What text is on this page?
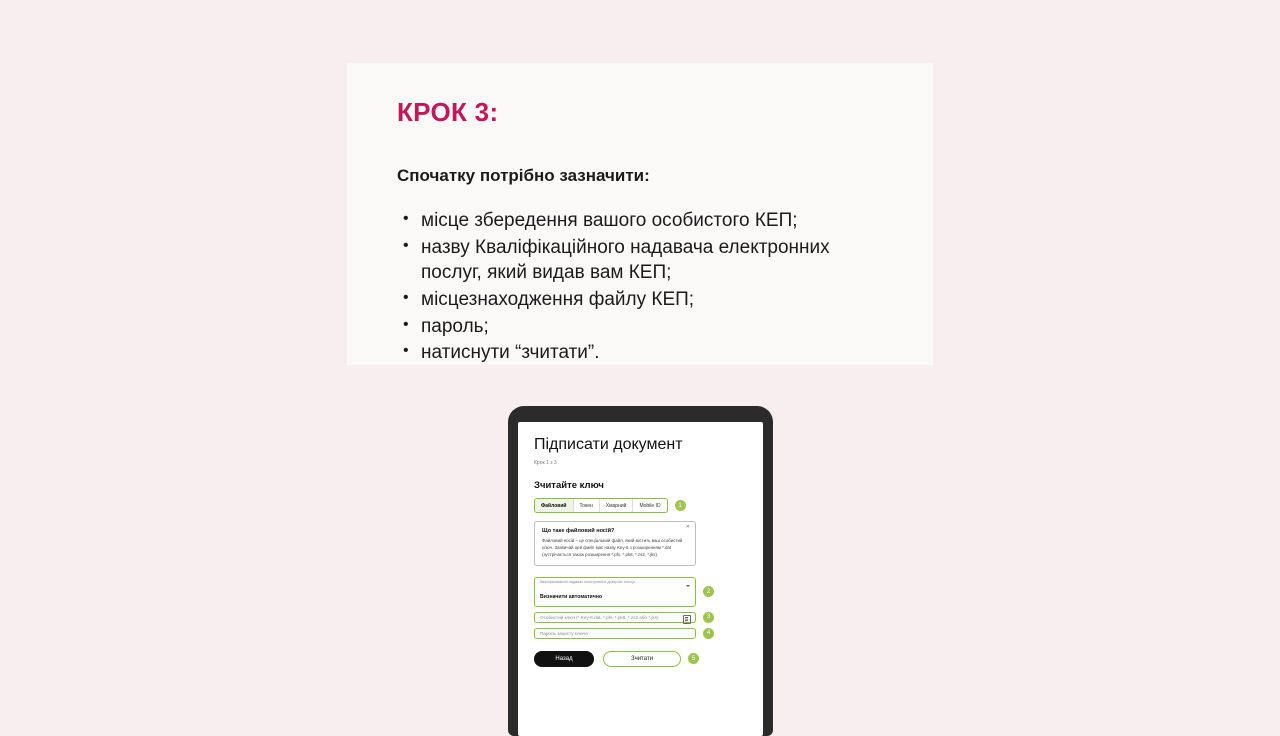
КРОК 3:

Спочатку потрібно зазначити:

• місце збередення вашого особистого КЕП;
• назву Кваліфікаційного надавача електронних послуг, який видав вам КЕП;
• місцезнаходження файлу КЕП;
• пароль;
• натиснути “зчитати”.
Підписати документ
Крок 1 з 3
Зчитайте ключ
Файловий	Токен	Хмарний	Mobile ID	1
✕

Що таке файловий носій?

Файловий носій – це спеціальний файл, який містить ваш особистий ключ. Зазвичай цей файл має назву Key-6 з розширенням *.dat (зустрічається також розширення *.pfx, *.pk8, *.zs2, *.jks).

Кваліфікований надавач електронних довірчих послуг
Визначити автоматично
2
Особистий ключ (*.Key-6.dat, *.pfx, *.pk8, *.zs2 або *.jks)	3
Пароль захисту ключа	4
Назад	Зчитати	5
